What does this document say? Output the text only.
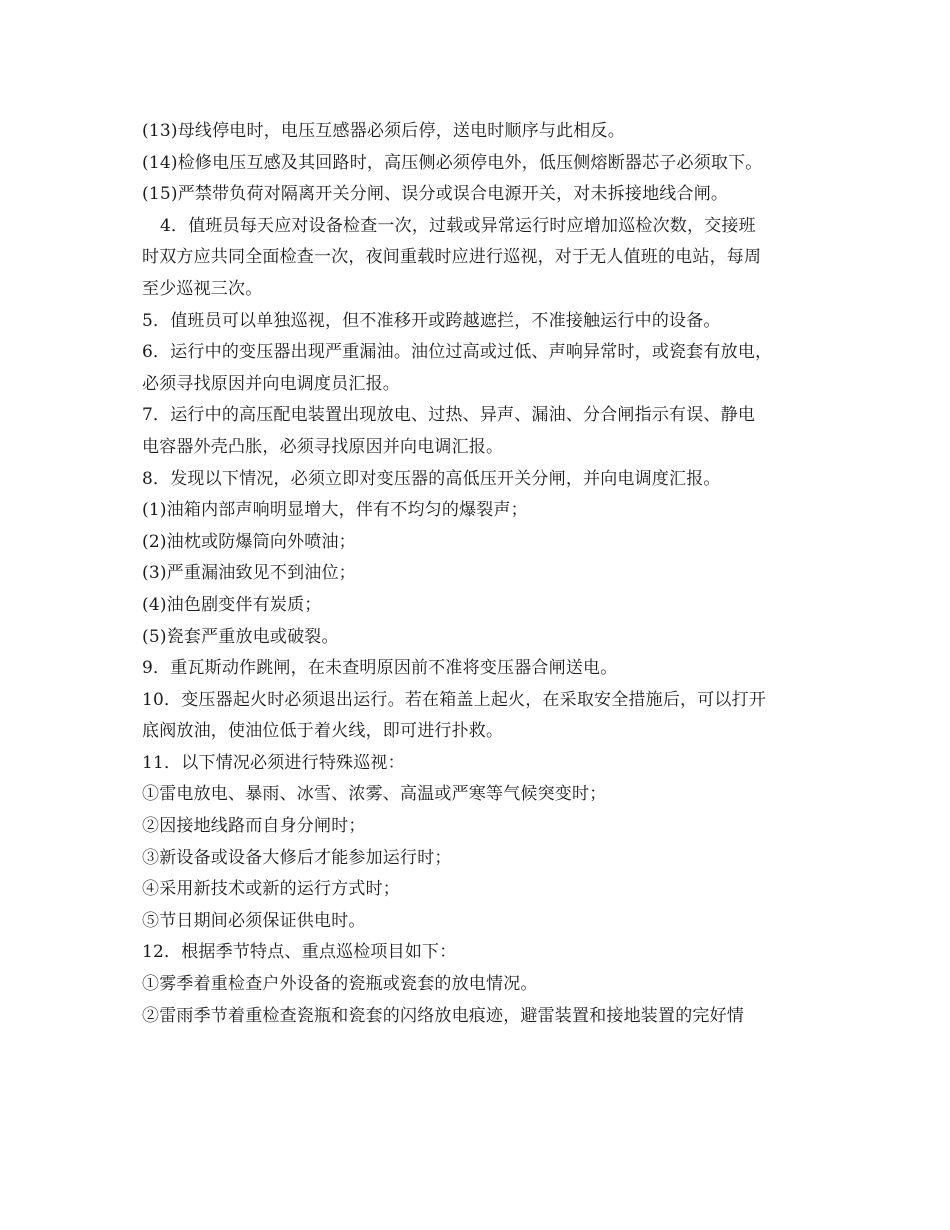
(13)母线停电时，电压互感器必须后停，送电时顺序与此相反。
(14)检修电压互感及其回路时，高压侧必须停电外，低压侧熔断器芯子必须取下。
(15)严禁带负荷对隔离开关分闸、误分或误合电源开关，对未拆接地线合闸。
4．值班员每天应对设备检查一次，过载或异常运行时应增加巡检次数，交接班
时双方应共同全面检查一次，夜间重载时应进行巡视，对于无人值班的电站，每周
至少巡视三次。
5．值班员可以单独巡视，但不准移开或跨越遮拦，不准接触运行中的设备。
6．运行中的变压器出现严重漏油。油位过高或过低、声响异常时，或瓷套有放电，
必须寻找原因并向电调度员汇报。
7．运行中的高压配电装置出现放电、过热、异声、漏油、分合闸指示有误、静电
电容器外壳凸胀，必须寻找原因并向电调汇报。
8．发现以下情况，必须立即对变压器的高低压开关分闸，并向电调度汇报。
(1)油箱内部声响明显增大，伴有不均匀的爆裂声；
(2)油枕或防爆筒向外喷油；
(3)严重漏油致见不到油位；
(4)油色剧变伴有炭质；
(5)瓷套严重放电或破裂。
9．重瓦斯动作跳闸，在未查明原因前不准将变压器合闸送电。
10．变压器起火时必须退出运行。若在箱盖上起火，在采取安全措施后，可以打开
底阀放油，使油位低于着火线，即可进行扑救。
11．以下情况必须进行特殊巡视：
①雷电放电、暴雨、冰雪、浓雾、高温或严寒等气候突变时；
②因接地线路而自身分闸时；
③新设备或设备大修后才能参加运行时；
④采用新技术或新的运行方式时；
⑤节日期间必须保证供电时。
12．根据季节特点、重点巡检项目如下：
①雾季着重检查户外设备的瓷瓶或瓷套的放电情况。
②雷雨季节着重检查瓷瓶和瓷套的闪络放电痕迹，避雷装置和接地装置的完好情
